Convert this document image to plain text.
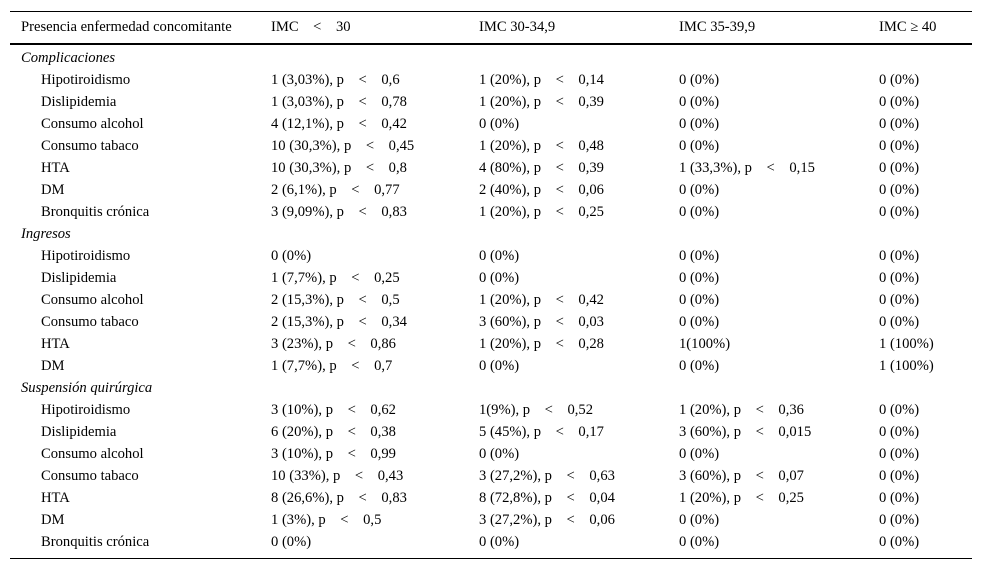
Presencia enfermedad concomitante	IMC    <    30	IMC 30-34,9	IMC 35-39,9	IMC ≥ 40
Complicaciones
Hipotiroidismo	1 (3,03%), p    <    0,6	1 (20%), p    <    0,14	0 (0%)	0 (0%)
Dislipidemia	1 (3,03%), p    <    0,78	1 (20%), p    <    0,39	0 (0%)	0 (0%)
Consumo alcohol	4 (12,1%), p    <    0,42	0 (0%)	0 (0%)	0 (0%)
Consumo tabaco	10 (30,3%), p    <    0,45	1 (20%), p    <    0,48	0 (0%)	0 (0%)
HTA	10 (30,3%), p    <    0,8	4 (80%), p    <    0,39	1 (33,3%), p    <    0,15	0 (0%)
DM	2 (6,1%), p    <    0,77	2 (40%), p    <    0,06	0 (0%)	0 (0%)
Bronquitis crónica	3 (9,09%), p    <    0,83	1 (20%), p    <    0,25	0 (0%)	0 (0%)
Ingresos
Hipotiroidismo	0 (0%)	0 (0%)	0 (0%)	0 (0%)
Dislipidemia	1 (7,7%), p    <    0,25	0 (0%)	0 (0%)	0 (0%)
Consumo alcohol	2 (15,3%), p    <    0,5	1 (20%), p    <    0,42	0 (0%)	0 (0%)
Consumo tabaco	2 (15,3%), p    <    0,34	3 (60%), p    <    0,03	0 (0%)	0 (0%)
HTA	3 (23%), p    <    0,86	1 (20%), p    <    0,28	1(100%)	1 (100%)
DM	1 (7,7%), p    <    0,7	0 (0%)	0 (0%)	1 (100%)
Suspensión quirúrgica
Hipotiroidismo	3 (10%), p    <    0,62	1(9%), p    <    0,52	1 (20%), p    <    0,36	0 (0%)
Dislipidemia	6 (20%), p    <    0,38	5 (45%), p    <    0,17	3 (60%), p    <    0,015	0 (0%)
Consumo alcohol	3 (10%), p    <    0,99	0 (0%)	0 (0%)	0 (0%)
Consumo tabaco	10 (33%), p    <    0,43	3 (27,2%), p    <    0,63	3 (60%), p    <    0,07	0 (0%)
HTA	8 (26,6%), p    <    0,83	8 (72,8%), p    <    0,04	1 (20%), p    <    0,25	0 (0%)
DM	1 (3%), p    <    0,5	3 (27,2%), p    <    0,06	0 (0%)	0 (0%)
Bronquitis crónica	0 (0%)	0 (0%)	0 (0%)	0 (0%)
